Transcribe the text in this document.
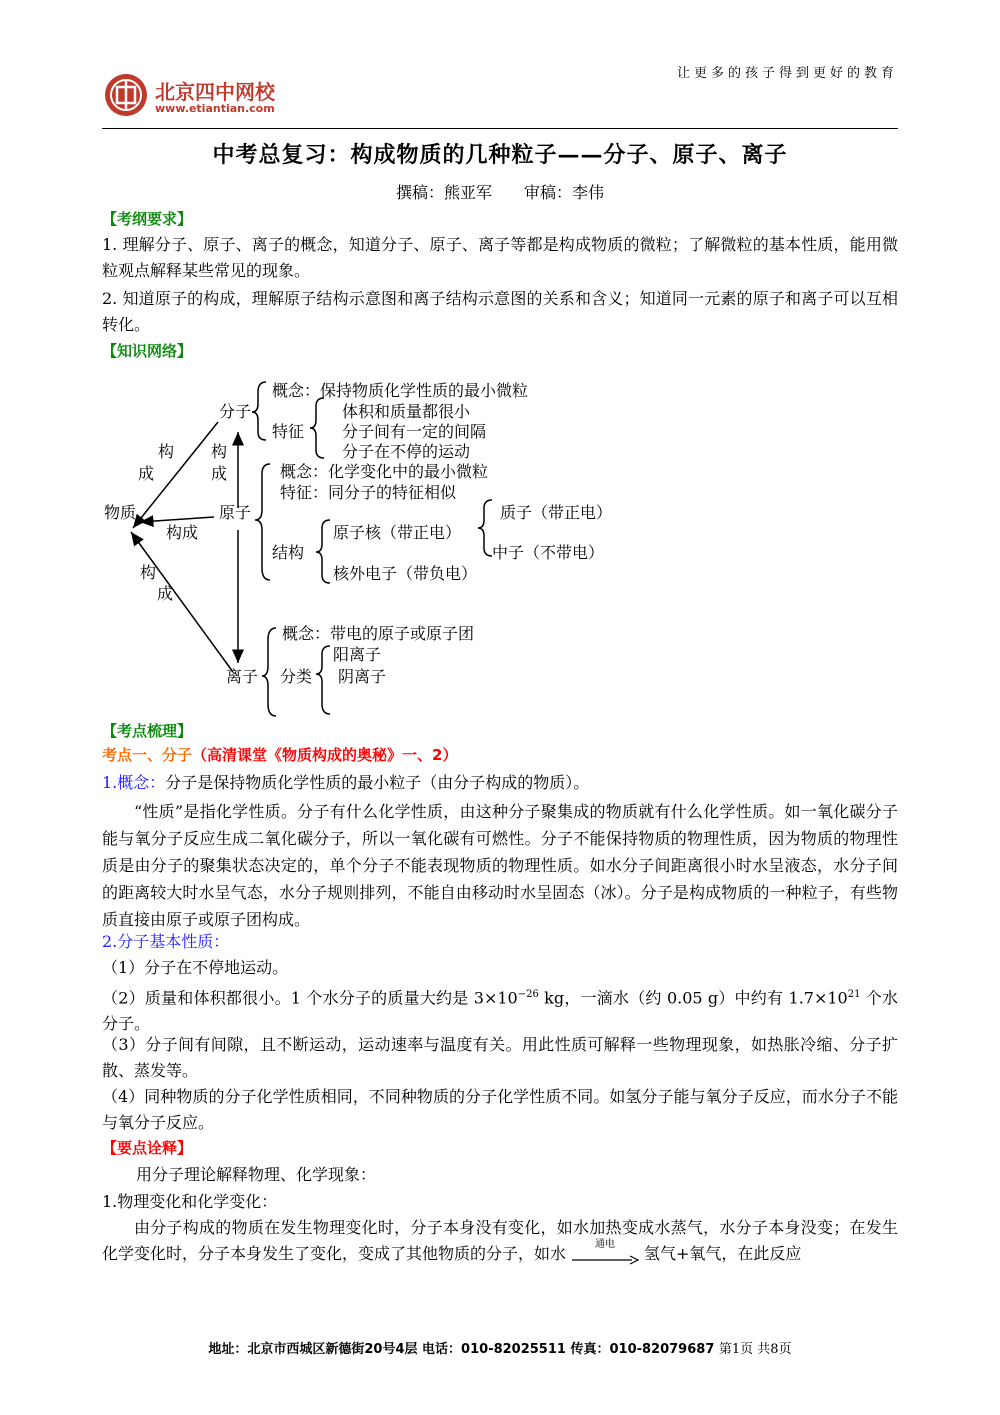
北京四中网校
www.etiantian.com
让更多的孩子得到更好的教育
中考总复习：构成物质的几种粒子——分子、原子、离子
撰稿：熊亚军　　审稿：李伟
【考纲要求】
1. 理解分子、原子、离子的概念，知道分子、原子、离子等都是构成物质的微粒；了解微粒的基本性质，能用微粒观点解释某些常见的现象。
2. 知道原子的构成，理解原子结构示意图和离子结构示意图的关系和含义；知道同一元素的原子和离子可以互相转化。
【知识网络】
物质
分子
原子
离子
构
成
构
成
构成
构
成
概念：保持物质化学性质的最小微粒
特征
体积和质量都很小
分子间有一定的间隔
分子在不停的运动
概念：化学变化中的最小微粒
特征：同分子的特征相似
结构
原子核（带正电）
核外电子（带负电）
质子（带正电）
中子（不带电）
概念：带电的原子或原子团
分类
阳离子
阴离子
【考点梳理】
考点一、分子（高清课堂《物质构成的奥秘》一、2）
1.概念：分子是保持物质化学性质的最小粒子（由分子构成的物质）。
“性质”是指化学性质。分子有什么化学性质，由这种分子聚集成的物质就有什么化学性质。如一氧化碳分子能与氧分子反应生成二氧化碳分子，所以一氧化碳有可燃性。分子不能保持物质的物理性质，因为物质的物理性质是由分子的聚集状态决定的，单个分子不能表现物质的物理性质。如水分子间距离很小时水呈液态，水分子间的距离较大时水呈气态，水分子规则排列，不能自由移动时水呈固态（冰）。分子是构成物质的一种粒子，有些物质直接由原子或原子团构成。
2.分子基本性质：
（1）分子在不停地运动。
（2）质量和体积都很小。1 个水分子的质量大约是 $3\times 10^{-26}$ kg，一滴水（约 0.05 g）中约有 $1.7\times 10^{21}$ 个水分子。
（3）分子间有间隙，且不断运动，运动速率与温度有关。用此性质可解释一些物理现象，如热胀冷缩、分子扩散、蒸发等。
（4）同种物质的分子化学性质相同，不同种物质的分子化学性质不同。如氢分子能与氧分子反应，而水分子不能与氧分子反应。
【要点诠释】
用分子理论解释物理、化学现象：
1.物理变化和化学变化：
由分子构成的物质在发生物理变化时，分子本身没有变化，如水加热变成水蒸气，水分子本身没变；在发生化学变化时，分子本身发生了变化，变成了其他物质的分子，如水	通电	氢气+氧气，在此反应
地址：北京市西城区新德街20号4层 电话：010-82025511 传真：010-82079687 第1页 共8页
